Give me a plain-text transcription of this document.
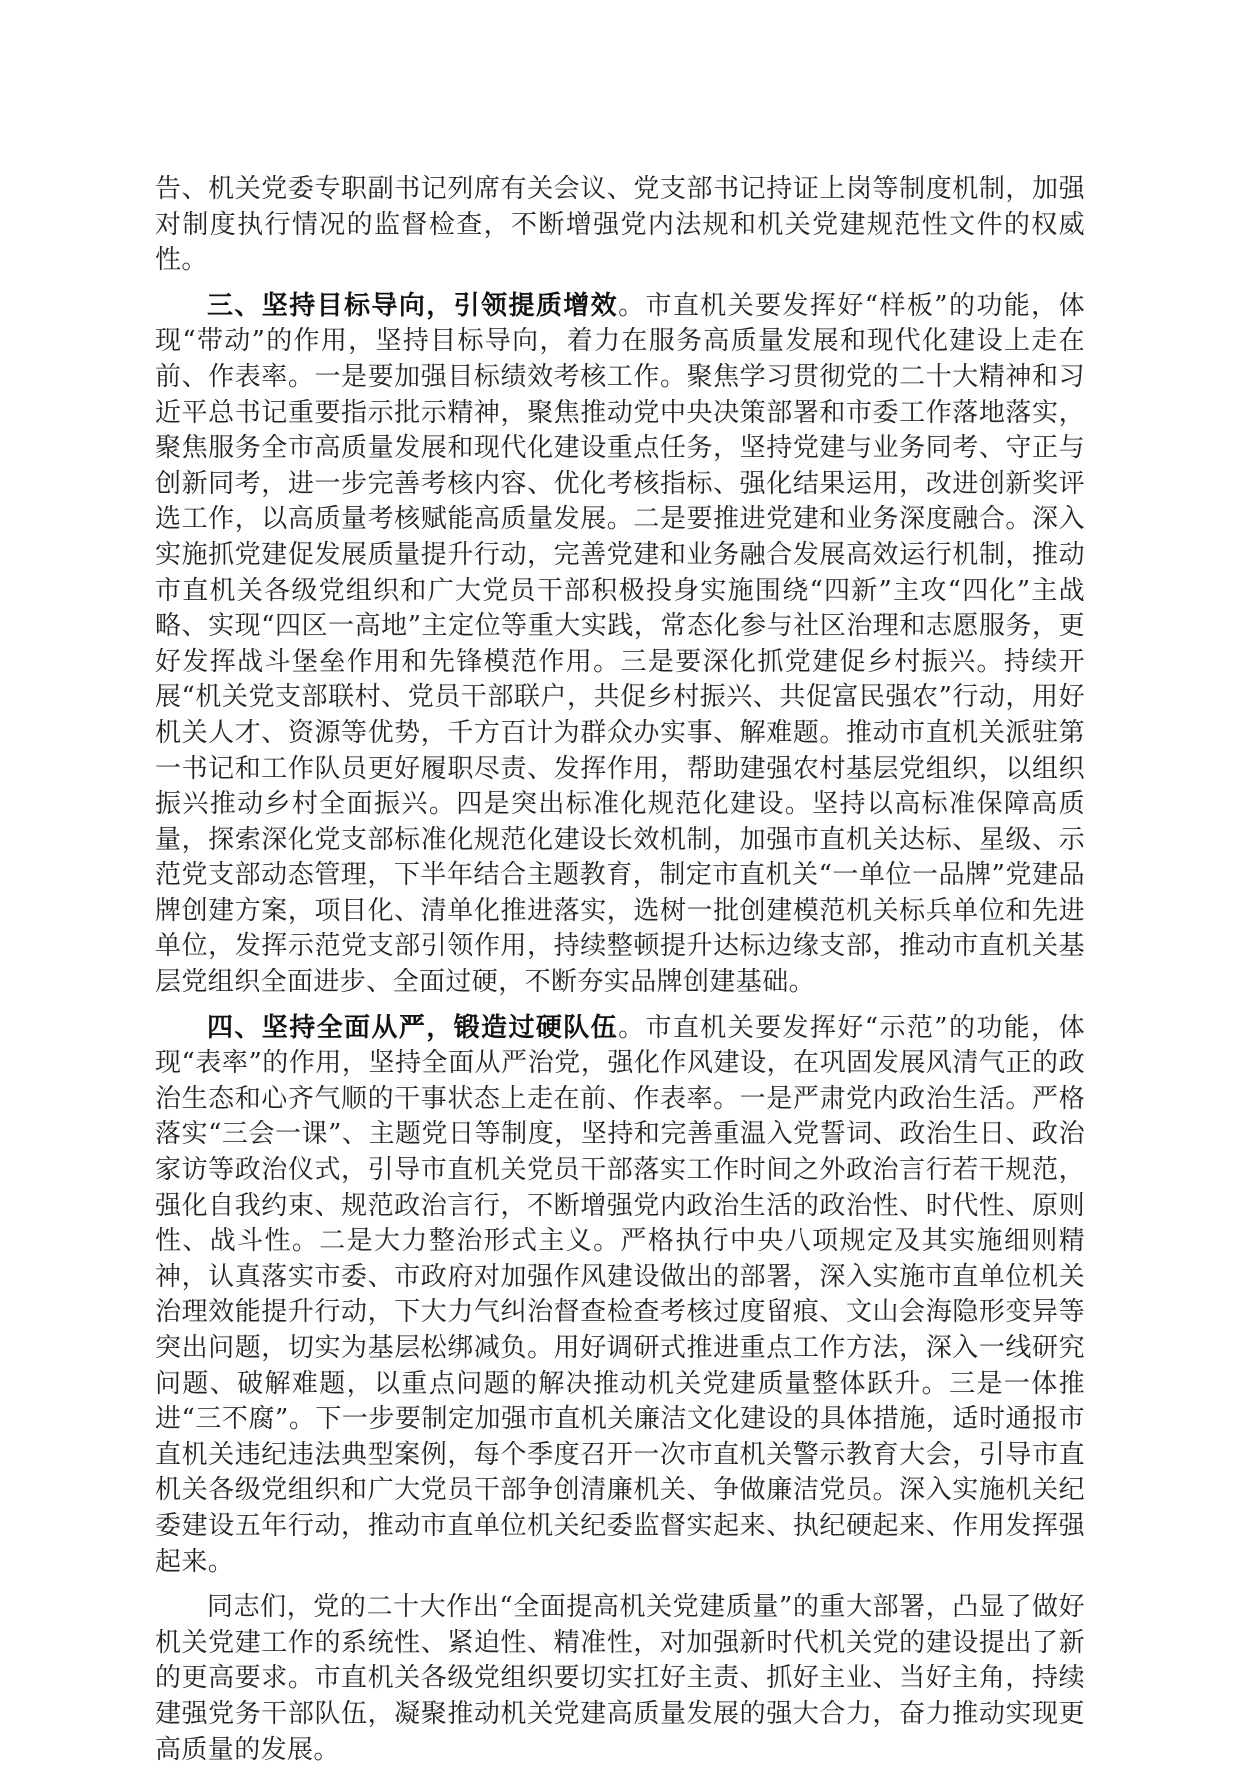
告、机关党委专职副书记列席有关会议、党支部书记持证上岗等制度机制，加强对制度执行情况的监督检查，不断增强党内法规和机关党建规范性文件的权威性。

三、坚持目标导向，引领提质增效。市直机关要发挥好“样板”的功能，体现“带动”的作用，坚持目标导向，着力在服务高质量发展和现代化建设上走在前、作表率。一是要加强目标绩效考核工作。聚焦学习贯彻党的二十大精神和习近平总书记重要指示批示精神，聚焦推动党中央决策部署和市委工作落地落实，聚焦服务全市高质量发展和现代化建设重点任务，坚持党建与业务同考、守正与创新同考，进一步完善考核内容、优化考核指标、强化结果运用，改进创新奖评选工作，以高质量考核赋能高质量发展。二是要推进党建和业务深度融合。深入实施抓党建促发展质量提升行动，完善党建和业务融合发展高效运行机制，推动市直机关各级党组织和广大党员干部积极投身实施围绕“四新”主攻“四化”主战略、实现“四区一高地”主定位等重大实践，常态化参与社区治理和志愿服务，更好发挥战斗堡垒作用和先锋模范作用。三是要深化抓党建促乡村振兴。持续开展“机关党支部联村、党员干部联户，共促乡村振兴、共促富民强农”行动，用好机关人才、资源等优势，千方百计为群众办实事、解难题。推动市直机关派驻第一书记和工作队员更好履职尽责、发挥作用，帮助建强农村基层党组织，以组织振兴推动乡村全面振兴。四是突出标准化规范化建设。坚持以高标准保障高质量，探索深化党支部标准化规范化建设长效机制，加强市直机关达标、星级、示范党支部动态管理，下半年结合主题教育，制定市直机关“一单位一品牌”党建品牌创建方案，项目化、清单化推进落实，选树一批创建模范机关标兵单位和先进单位，发挥示范党支部引领作用，持续整顿提升达标边缘支部，推动市直机关基层党组织全面进步、全面过硬，不断夯实品牌创建基础。

四、坚持全面从严，锻造过硬队伍。市直机关要发挥好“示范”的功能，体现“表率”的作用，坚持全面从严治党，强化作风建设，在巩固发展风清气正的政治生态和心齐气顺的干事状态上走在前、作表率。一是严肃党内政治生活。严格落实“三会一课”、主题党日等制度，坚持和完善重温入党誓词、政治生日、政治家访等政治仪式，引导市直机关党员干部落实工作时间之外政治言行若干规范，强化自我约束、规范政治言行，不断增强党内政治生活的政治性、时代性、原则性、战斗性。二是大力整治形式主义。严格执行中央八项规定及其实施细则精神，认真落实市委、市政府对加强作风建设做出的部署，深入实施市直单位机关治理效能提升行动，下大力气纠治督查检查考核过度留痕、文山会海隐形变异等突出问题，切实为基层松绑减负。用好调研式推进重点工作方法，深入一线研究问题、破解难题，以重点问题的解决推动机关党建质量整体跃升。三是一体推进“三不腐”。下一步要制定加强市直机关廉洁文化建设的具体措施，适时通报市直机关违纪违法典型案例，每个季度召开一次市直机关警示教育大会，引导市直机关各级党组织和广大党员干部争创清廉机关、争做廉洁党员。深入实施机关纪委建设五年行动，推动市直单位机关纪委监督实起来、执纪硬起来、作用发挥强起来。

同志们，党的二十大作出“全面提高机关党建质量”的重大部署，凸显了做好机关党建工作的系统性、紧迫性、精准性，对加强新时代机关党的建设提出了新的更高要求。市直机关各级党组织要切实扛好主责、抓好主业、当好主角，持续建强党务干部队伍，凝聚推动机关党建高质量发展的强大合力，奋力推动实现更高质量的发展。
